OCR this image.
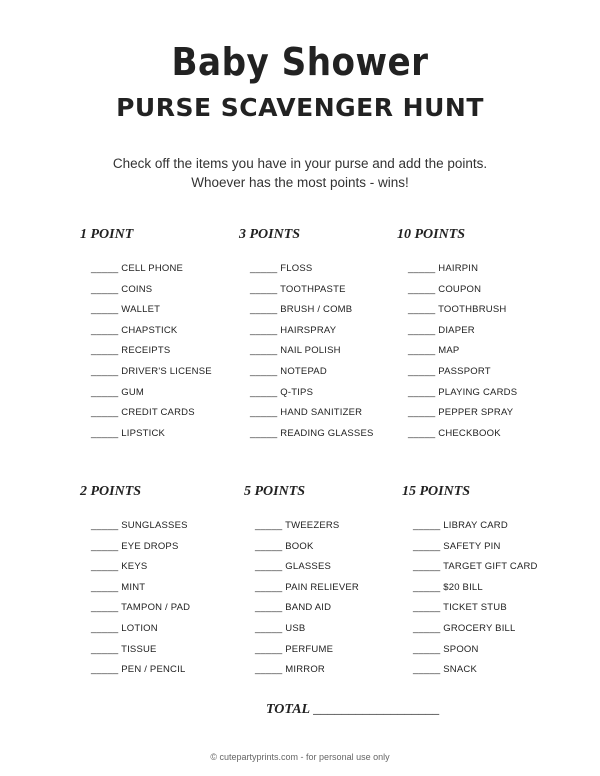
Baby Shower
PURSE SCAVENGER HUNT
Check off the items you have in your purse and add the points.
Whoever has the most points - wins!
1 POINT
_____ CELL PHONE
_____ COINS
_____ WALLET
_____ CHAPSTICK
_____ RECEIPTS
_____ DRIVER'S LICENSE
_____ GUM
_____ CREDIT CARDS
_____ LIPSTICK
3 POINTS
_____ FLOSS
_____ TOOTHPASTE
_____ BRUSH / COMB
_____ HAIRSPRAY
_____ NAIL POLISH
_____ NOTEPAD
_____ Q-TIPS
_____ HAND SANITIZER
_____ READING GLASSES
10 POINTS
_____ HAIRPIN
_____ COUPON
_____ TOOTHBRUSH
_____ DIAPER
_____ MAP
_____ PASSPORT
_____ PLAYING CARDS
_____ PEPPER SPRAY
_____ CHECKBOOK
2 POINTS
_____ SUNGLASSES
_____ EYE DROPS
_____ KEYS
_____ MINT
_____ TAMPON / PAD
_____ LOTION
_____ TISSUE
_____ PEN / PENCIL
5 POINTS
_____ TWEEZERS
_____ BOOK
_____ GLASSES
_____ PAIN RELIEVER
_____ BAND AID
_____ USB
_____ PERFUME
_____ MIRROR
15 POINTS
_____ LIBRAY CARD
_____ SAFETY PIN
_____ TARGET GIFT CARD
_____ $20 BILL
_____ TICKET STUB
_____ GROCERY BILL
_____ SPOON
_____ SNACK
TOTAL __________________
© cutepartyprints.com - for personal use only
